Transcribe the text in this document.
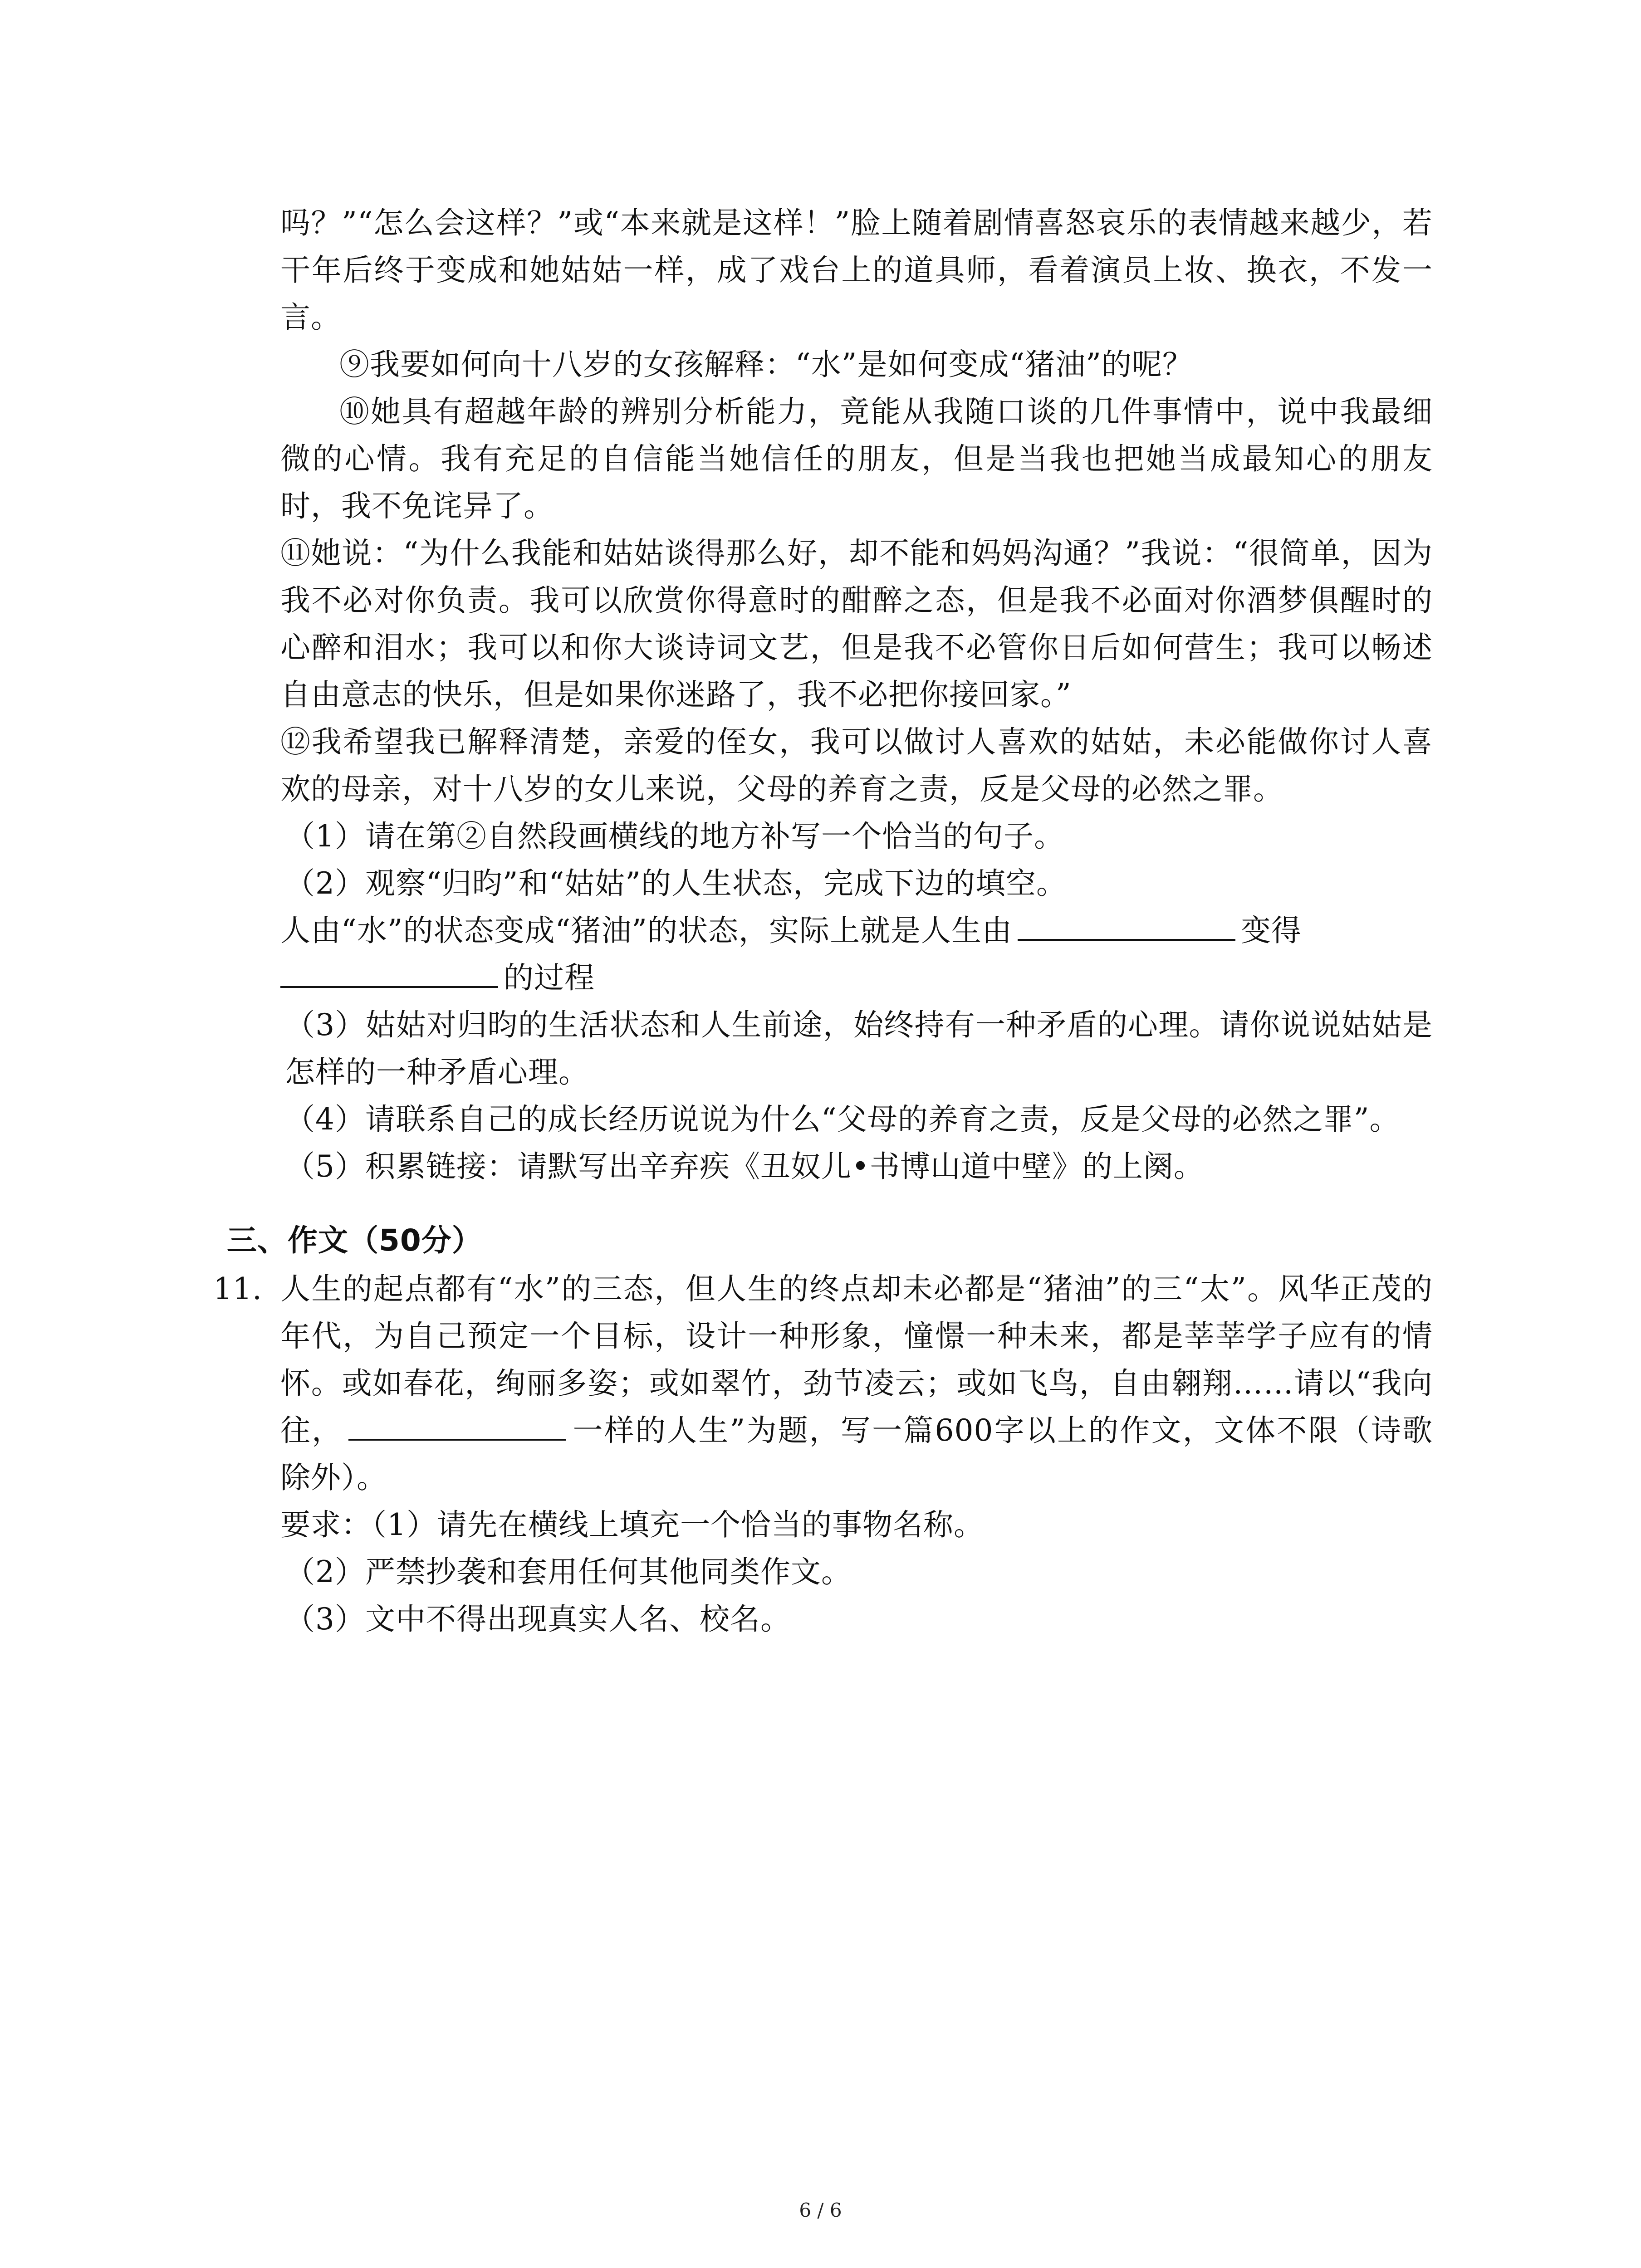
吗？”“怎么会这样？”或“本来就是这样！”脸上随着剧情喜怒哀乐的表情越来越少，若干年后终于变成和她姑姑一样，成了戏台上的道具师，看着演员上妆、换衣，不发一言。

⑨我要如何向十八岁的女孩解释：“水”是如何变成“猪油”的呢？

⑩她具有超越年龄的辨别分析能力，竟能从我随口谈的几件事情中，说中我最细微的心情。我有充足的自信能当她信任的朋友，但是当我也把她当成最知心的朋友时，我不免诧异了。

⑪她说：“为什么我能和姑姑谈得那么好，却不能和妈妈沟通？”我说：“很简单，因为我不必对你负责。我可以欣赏你得意时的酣醉之态，但是我不必面对你酒梦俱醒时的心醉和泪水；我可以和你大谈诗词文艺，但是我不必管你日后如何营生；我可以畅述自由意志的快乐，但是如果你迷路了，我不必把你接回家。”

⑫我希望我已解释清楚，亲爱的侄女，我可以做讨人喜欢的姑姑，未必能做你讨人喜欢的母亲，对十八岁的女儿来说，父母的养育之责，反是父母的必然之罪。

（1）请在第②自然段画横线的地方补写一个恰当的句子。

（2）观察“归昀”和“姑姑”的人生状态，完成下边的填空。

人由“水”的状态变成“猪油”的状态，实际上就是人生由	变得

的过程

（3）姑姑对归昀的生活状态和人生前途，始终持有一种矛盾的心理。请你说说姑姑是怎样的一种矛盾心理。

（4）请联系自己的成长经历说说为什么“父母的养育之责，反是父母的必然之罪”。

（5）积累链接：请默写出辛弃疾《丑奴儿•书博山道中壁》的上阕。

三、作文（50分）
11. 人生的起点都有“水”的三态，但人生的终点却未必都是“猪油”的三“太”。风华正茂的年代，为自己预定一个目标，设计一种形象，憧憬一种未来，都是莘莘学子应有的情怀。或如春花，绚丽多姿；或如翠竹，劲节凌云；或如飞鸟，自由翱翔……请以“我向往，	一样的人生”为题，写一篇600字以上的作文，文体不限（诗歌除外）。

要求：（1）请先在横线上填充一个恰当的事物名称。

（2）严禁抄袭和套用任何其他同类作文。

（3）文中不得出现真实人名、校名。

6 / 6
